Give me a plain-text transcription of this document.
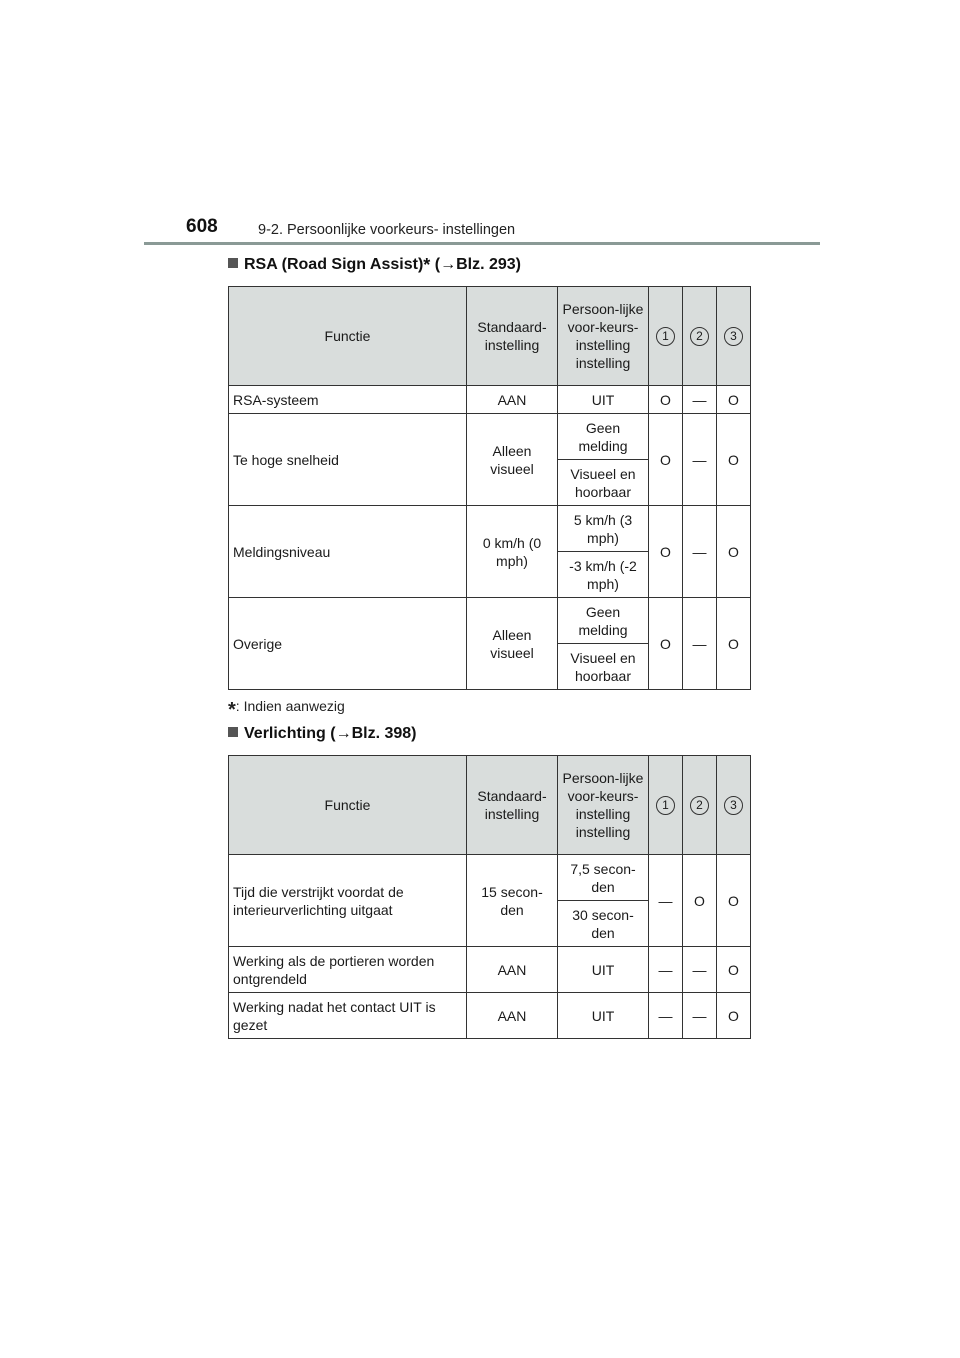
608	9-2. Persoonlijke voorkeurs- instellingen
RSA (Road Sign Assist)* (→Blz. 293)
Functie	Standaard-instelling	Persoon-lijke voor-keurs-instelling instelling	1	2	3
RSA-systeem	AAN	UIT	O	—	O
Te hoge snelheid	Alleen visueel	Geen melding	O	—	O
		Visueel en hoorbaar			
Meldingsniveau	0 km/h (0 mph)	5 km/h (3 mph)	O	—	O
		-3 km/h (-2 mph)			
Overige	Alleen visueel	Geen melding	O	—	O
		Visueel en hoorbaar			
*: Indien aanwezig
Verlichting (→Blz. 398)
Functie	Standaard-instelling	Persoon-lijke voor-keurs-instelling instelling	1	2	3
Tijd die verstrijkt voordat de interieurverlichting uitgaat	15 secon-den	7,5 secon-den	—	O	O
		30 secon-den			
Werking als de portieren worden ontgrendeld	AAN	UIT	—	—	O
Werking nadat het contact UIT is gezet	AAN	UIT	—	—	O
